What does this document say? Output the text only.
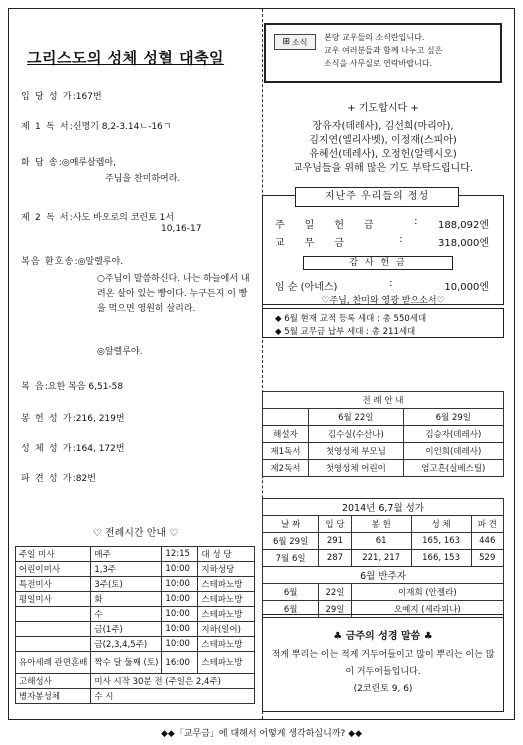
그리스도의 성체 성혈 대축일
입 당 성 가:167번
제 1 독 서:신명기 8,2-3.14ㄴ-16ㄱ
화 답 송:◎예루살렘아,
주님을 찬미하여라.
제 2 독 서:사도 바오로의 코린토 1서
10,16-17
복음 환호송:◎알렐루야.
○주님이 말씀하신다. 나는 하늘에서 내려온 살아 있는 빵이다. 누구든지 이 빵을 먹으면 영원히 살리라.
◎알렐루야.
복 음:요한 복음 6,51-58
봉 헌 성 가:216, 219번
성 체 성 가:164, 172번
파 견 성 가:82번
♡ 전례시간 안내 ♡
주일 미사	매주	12:15	대 성 당
어린이미사	1,3주	10:00	지하성당
특전미사	3주(토)	10:00	스테파노방
평일미사	화	10:00	스테파노방
	수	10:00	스테파노방
	금(1주)	10:00	지하(일어)
	금(2,3,4,5주)	10:00	스테파노방
유아세례 관면혼배	짝수 달 둘째 (토)	16:00	스테파노방
고해성사	미사 시작 30분 전 (주일은 2,4주)		
병자봉성체	수 시		
⊞ 소식 본당 교우들의 소식란입니다.
교우 여러분들과 함께 나누고 싶은
소식을 사무실로 연락바랍니다.
+ 기도합시다 +
장유자(데레사), 김선희(마리아),
김지연(엘리사벳), 이정재(스피아)
유혜선(데레사), 오정헌(알렉시오)
교우님들을 위해 많은 기도 부탁드립니다.
지난주 우리들의 정성
주일헌금 : 188,092엔
교무금	:	318,000엔
감 사 헌 금
임 순 (아네스)	:	10,000엔
♡주님, 찬미와 영광 받으소서♡
◆ 6월 현재 교적 등록 세대 : 총 550세대
◆ 5월 교무금 납부 세대 : 총 211세대
전 례 안 내		
	6월 22일	6월 29일
해설자	김수실(수산나)	김승자(데레사)
제1독서	첫영성체 부모님	이인희(데레사)
제2독서	첫영성체 어린이	엄고흔(실베스틸)
2014년 6,7월 성가				
날 짜	입 당	봉 헌	성 체	파 견
6월 29일	291	61	165, 163	446
7월 6일	287	221, 217	166, 153	529
6월 반주자				
6월	22일	이재희 (안젤라)		
6월	29일	오예지 (세라피나)		
♣ 금주의 성경 말씀 ♣
적게 뿌리는 이는 적게 거두어들이고 많이 뿌리는 이는 많이 거두어들입니다.
(2코린토 9, 6)
◆◆「교무금」에 대해서 어떻게 생각하십니까? ◆◆
